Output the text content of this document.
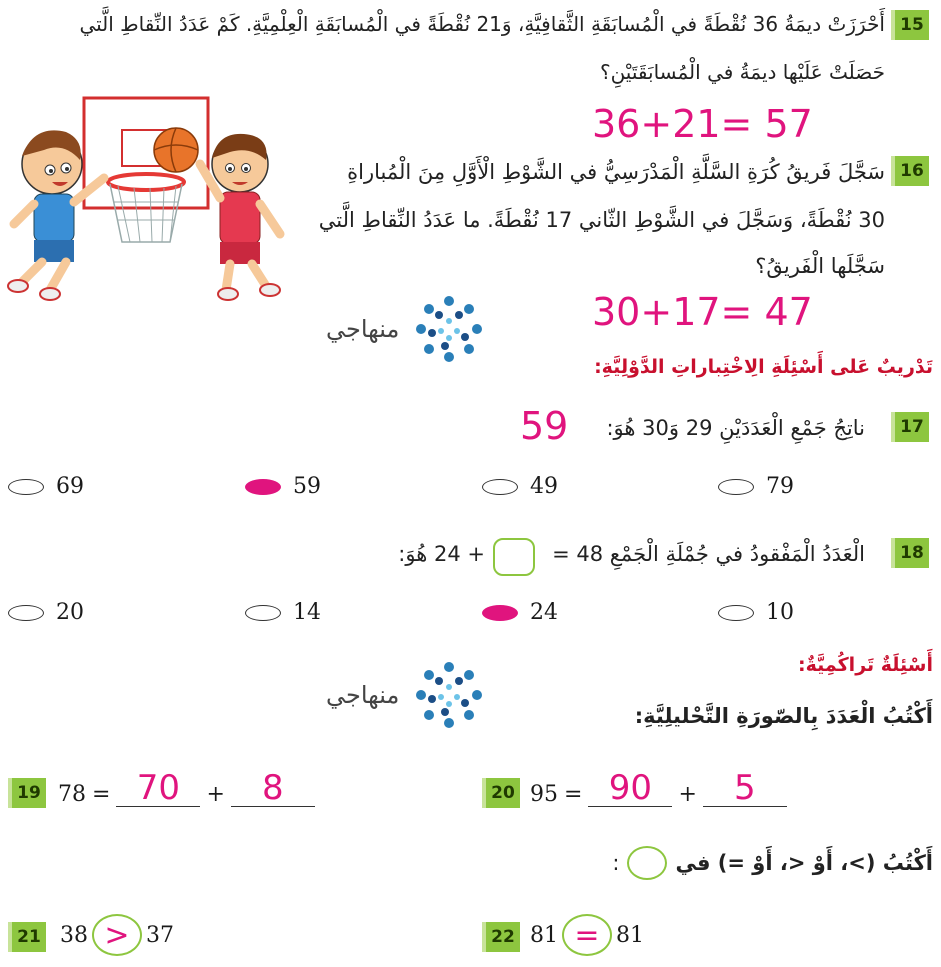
15
أَحْرَزَتْ ديمَةُ 36 نُقْطَةً في الْمُسابَقَةِ الثَّقافِيَّةِ، وَ21 نُقْطَةً في الْمُسابَقَةِ الْعِلْمِيَّةِ. كَمْ عَدَدُ النِّقاطِ الَّتي
حَصَلَتْ عَلَيْها ديمَةُ في الْمُسابَقَتَيْنِ؟
36+21= 57
16
سَجَّلَ فَريقُ كُرَةِ السَّلَّةِ الْمَدْرَسِيُّ في الشَّوْطِ الْأَوَّلِ مِنَ الْمُباراةِ
30 نُقْطَةً، وَسَجَّلَ في الشَّوْطِ الثّاني 17 نُقْطَةً. ما عَدَدُ النِّقاطِ الَّتي
سَجَّلَها الْفَريقُ؟
30+17= 47
منهاجي
تَدْريبٌ عَلى أَسْئِلَةِ الِاخْتِباراتِ الدَّوْلِيَّةِ:
17
ناتِجُ جَمْعِ الْعَدَدَيْنِ 29 وَ30 هُوَ:
59
79
49
59
69
18
الْعَدَدُ الْمَفْقودُ في جُمْلَةِ الْجَمْعِ 48 =
+ 24 هُوَ:
10
24
14
20
أَسْئِلَةٌ تَراكُمِيَّةٌ:
منهاجي
أَكْتُبُ الْعَدَدَ بِالصّورَةِ التَّحْليلِيَّةِ:
19 78 = 70	+	8	20 95 = 90	+	5
أَكْتُبُ (>، أَوْ <، أَوْ =) في
:
21 38 > 37	22 81 = 81
